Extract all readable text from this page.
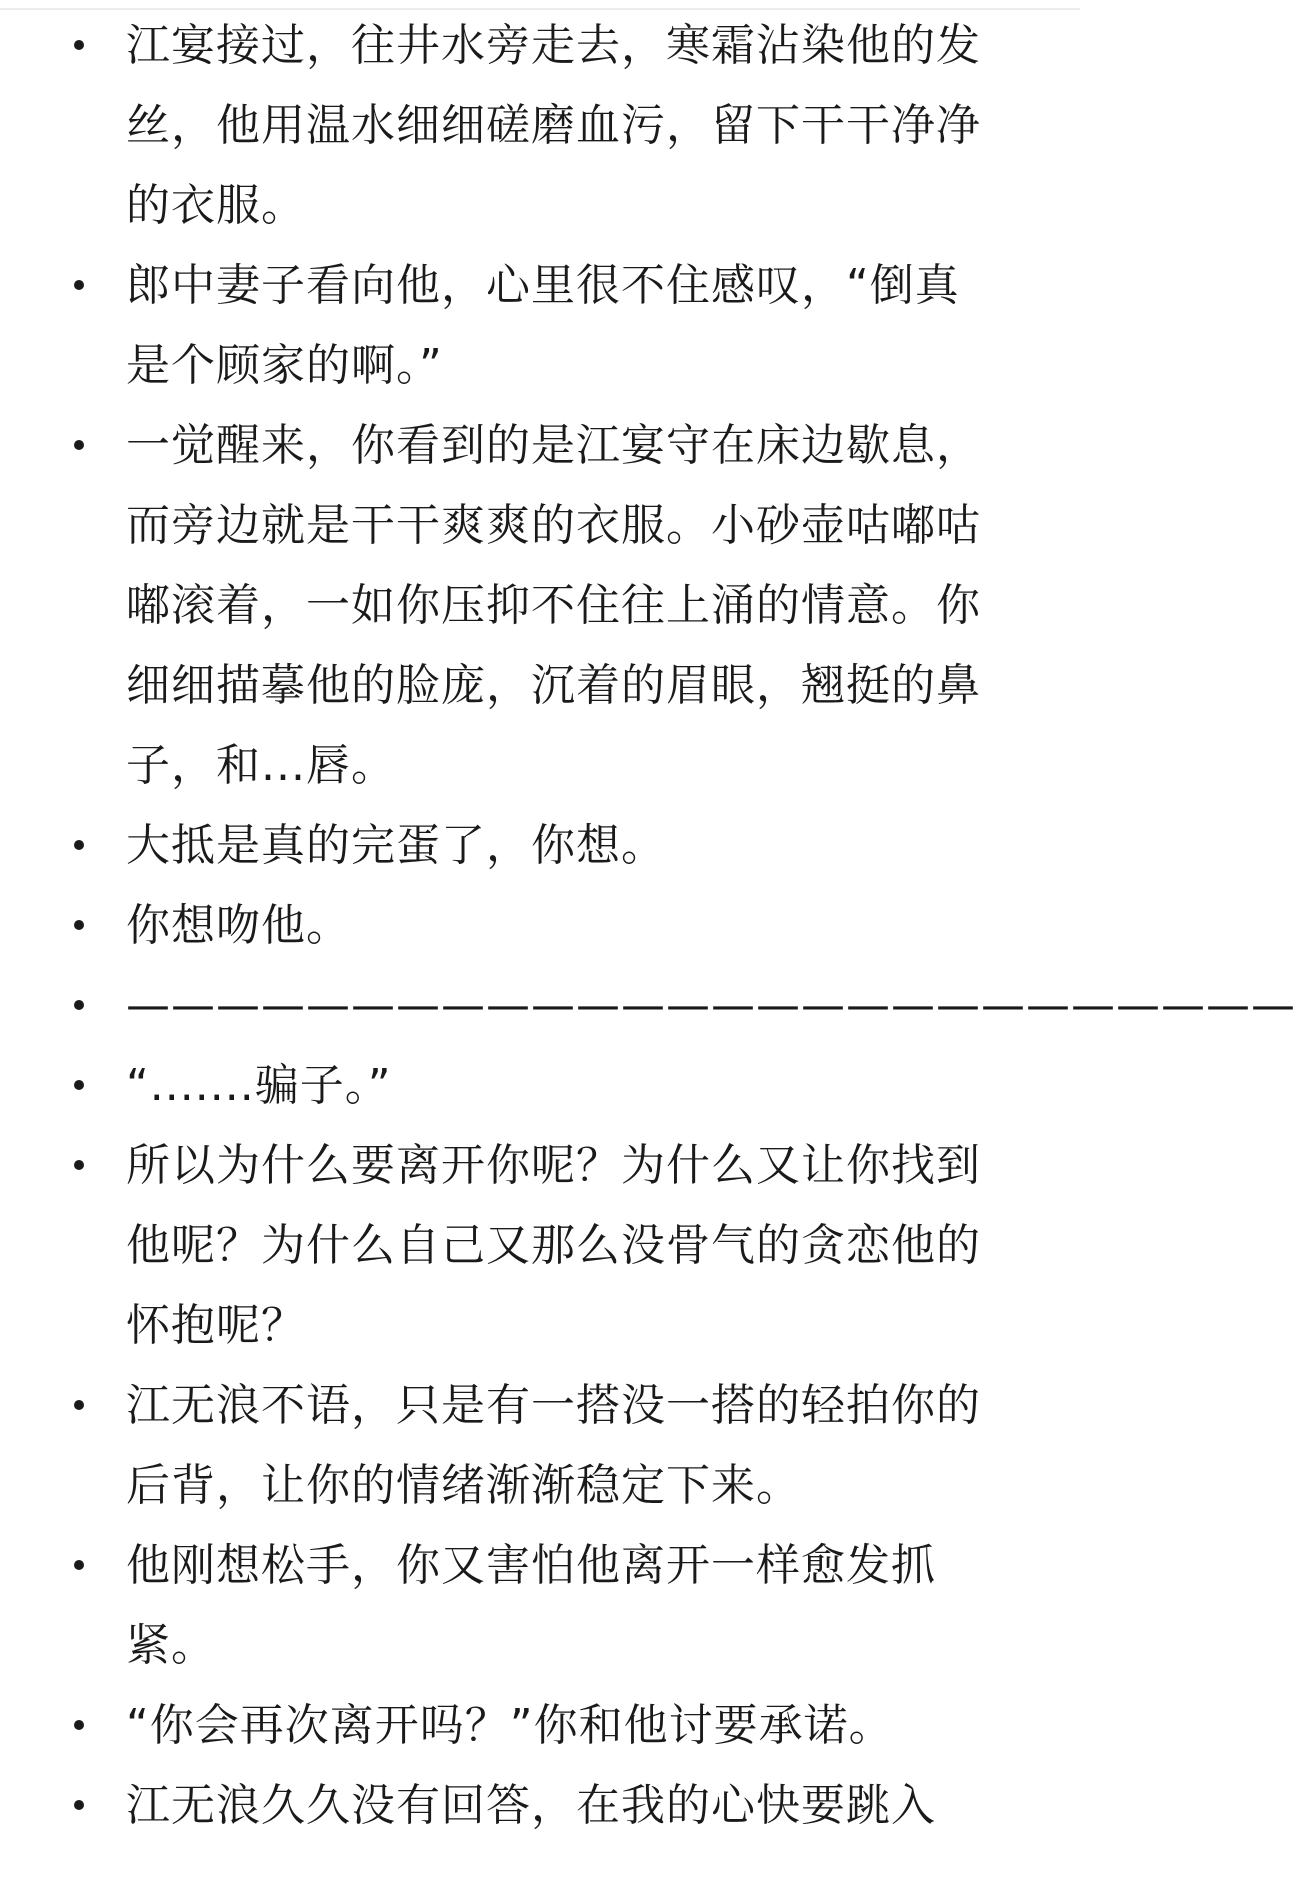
江宴接过，往井水旁走去，寒霜沾染他的发丝，他用温水细细磋磨血污，留下干干净净的衣服。
郎中妻子看向他，心里很不住感叹，“倒真是个顾家的啊。”
一觉醒来，你看到的是江宴守在床边歇息，而旁边就是干干爽爽的衣服。小砂壶咕嘟咕嘟滚着，一如你压抑不住往上涌的情意。你细细描摹他的脸庞，沉着的眉眼，翘挺的鼻子，和...唇。
大抵是真的完蛋了，你想。
你想吻他。
——————————————————————————
“.......骗子。”
所以为什么要离开你呢？为什么又让你找到他呢？为什么自己又那么没骨气的贪恋他的怀抱呢？
江无浪不语，只是有一搭没一搭的轻拍你的后背，让你的情绪渐渐稳定下来。
他刚想松手，你又害怕他离开一样愈发抓紧。
“你会再次离开吗？”你和他讨要承诺。
江无浪久久没有回答，在我的心快要跳入
